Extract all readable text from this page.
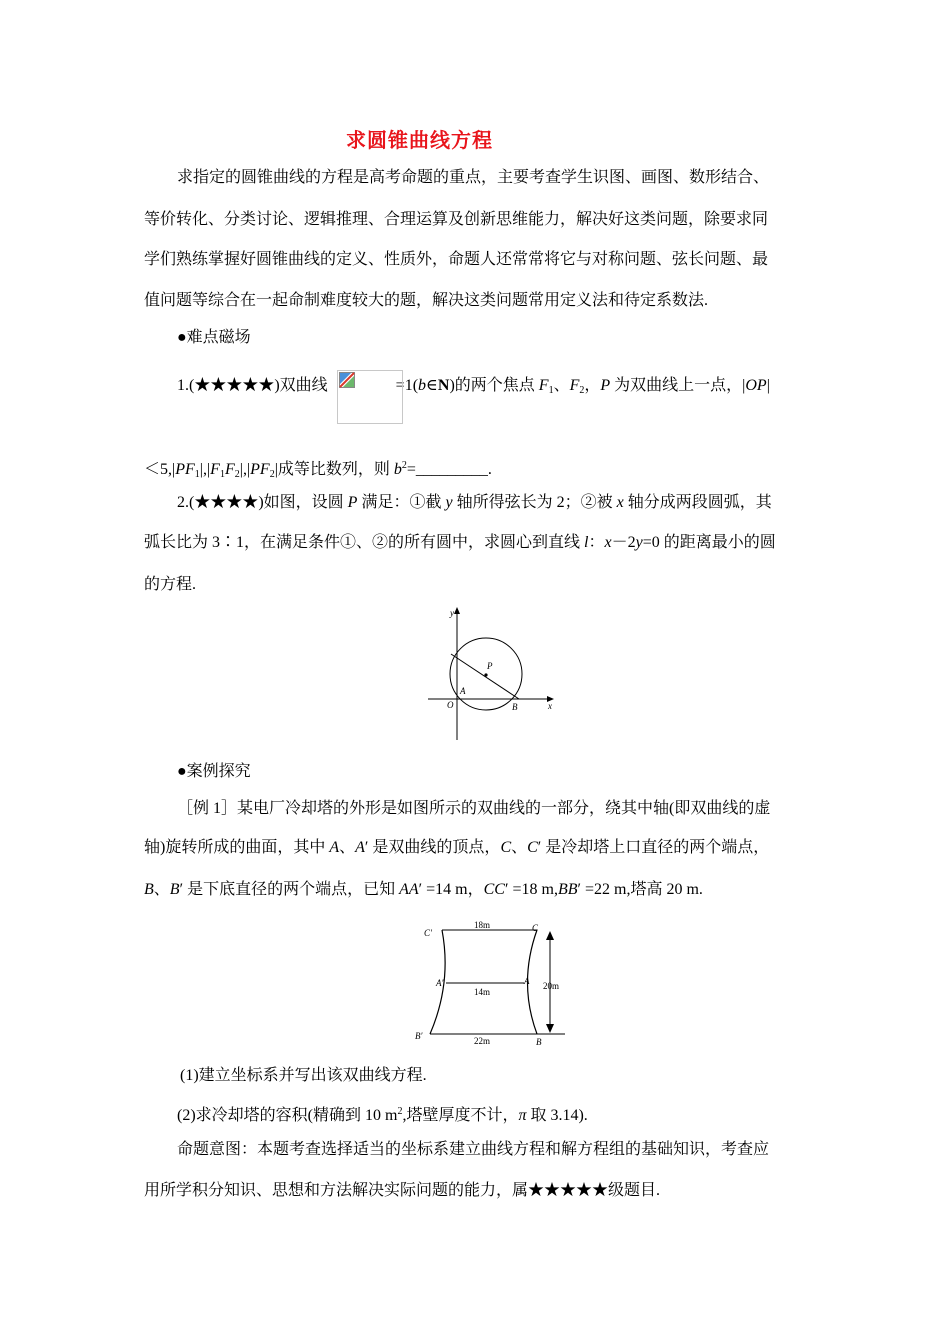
求圆锥曲线方程
求指定的圆锥曲线的方程是高考命题的重点，主要考查学生识图、画图、数形结合、
等价转化、分类讨论、逻辑推理、合理运算及创新思维能力，解决好这类问题，除要求同
学们熟练掌握好圆锥曲线的定义、性质外，命题人还常常将它与对称问题、弦长问题、最
值问题等综合在一起命制难度较大的题，解决这类问题常用定义法和待定系数法.
●难点磁场
1.(★★★★★)双曲线	=1(b∈N)的两个焦点 $F_1$、$F_2$，P 为双曲线上一点，|OP|
$<5,|PF_1|,|F_1F_2|,|PF_2|$成等比数列，则 $b^2=\_\_\_\_\_\_\_\_\_$.
2.(★★★★)如图，设圆 P 满足：①截 y 轴所得弦长为 2；②被 x 轴分成两段圆弧，其
弧长比为 3∶1，在满足条件①、②的所有圆中，求圆心到直线 l：x－2y=0 的距离最小的圆
的方程.
y
x
P
A
O	B
●案例探究
［例 1］某电厂冷却塔的外形是如图所示的双曲线的一部分，绕其中轴(即双曲线的虚
轴)旋转所成的曲面，其中 A、A′ 是双曲线的顶点，C、C′ 是冷却塔上口直径的两个端点，
B、B′ 是下底直径的两个端点，已知 AA′ =14 m，CC′ =18 m,BB′ =22 m,塔高 20 m.
C′	C
18m
A′	A
14m
20m
B′	22m	B
(1)建立坐标系并写出该双曲线方程.
(2)求冷却塔的容积(精确到 10 $m^2$,塔壁厚度不计，π 取 3.14).
命题意图：本题考查选择适当的坐标系建立曲线方程和解方程组的基础知识，考查应
用所学积分知识、思想和方法解决实际问题的能力，属★★★★★级题目.
